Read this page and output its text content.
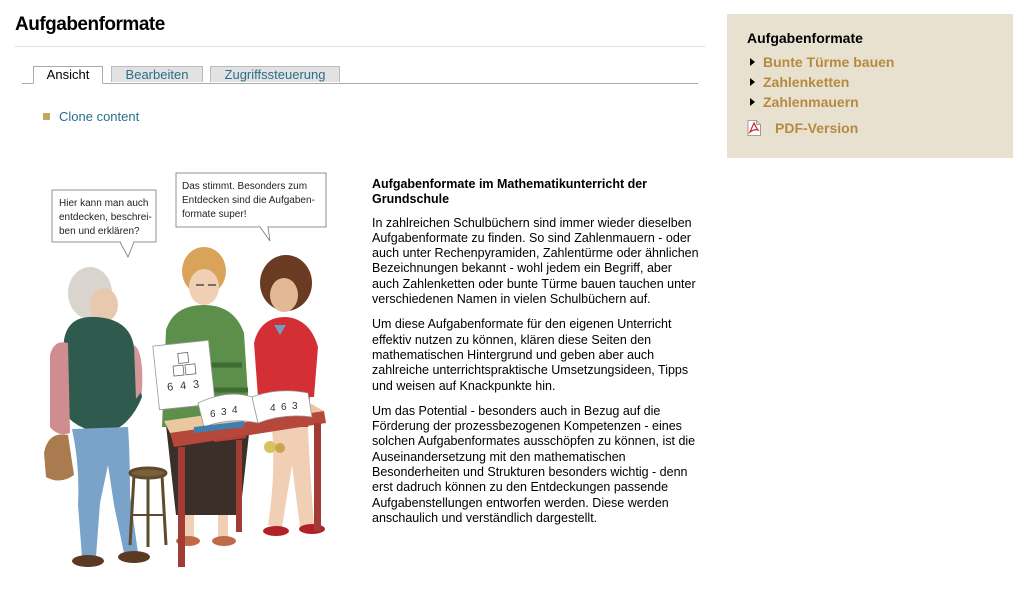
Aufgabenformate
Ansicht	Bearbeiten	Zugriffssteuerung
Clone content
Hier kann man auch
entdecken, beschrei-
ben und erklären?
Das stimmt. Besonders zum
Entdecken sind die Aufgaben-
formate super!
6 4 3
6 3 4	4 6 3
Aufgabenformate im Mathematikunterricht der Grundschule

In zahlreichen Schulbüchern sind immer wieder dieselben Aufgabenformate zu finden. So sind Zahlenmauern - oder auch unter Rechenpyramiden, Zahlentürme oder ähnlichen Bezeichnungen bekannt - wohl jedem ein Begriff, aber auch Zahlenketten oder bunte Türme bauen tauchen unter verschiedenen Namen in vielen Schulbüchern auf.

Um diese Aufgabenformate für den eigenen Unterricht effektiv nutzen zu können, klären diese Seiten den mathematischen Hintergrund und geben aber auch zahlreiche unterrichtspraktische Umsetzungsideen, Tipps und weisen auf Knackpunkte hin.

Um das Potential - besonders auch in Bezug auf die Förderung der prozessbezogenen Kompetenzen - eines solchen Aufgabenformates ausschöpfen zu können, ist die Auseinandersetzung mit den mathematischen Besonderheiten und Strukturen besonders wichtig - denn erst dadruch können zu den Entdeckungen passende Aufgabenstellungen entworfen werden. Diese werden anschaulich und verständlich dargestellt.

Aufgabenformate
Bunte Türme bauen
Zahlenketten
Zahlenmauern
PDF-Version
